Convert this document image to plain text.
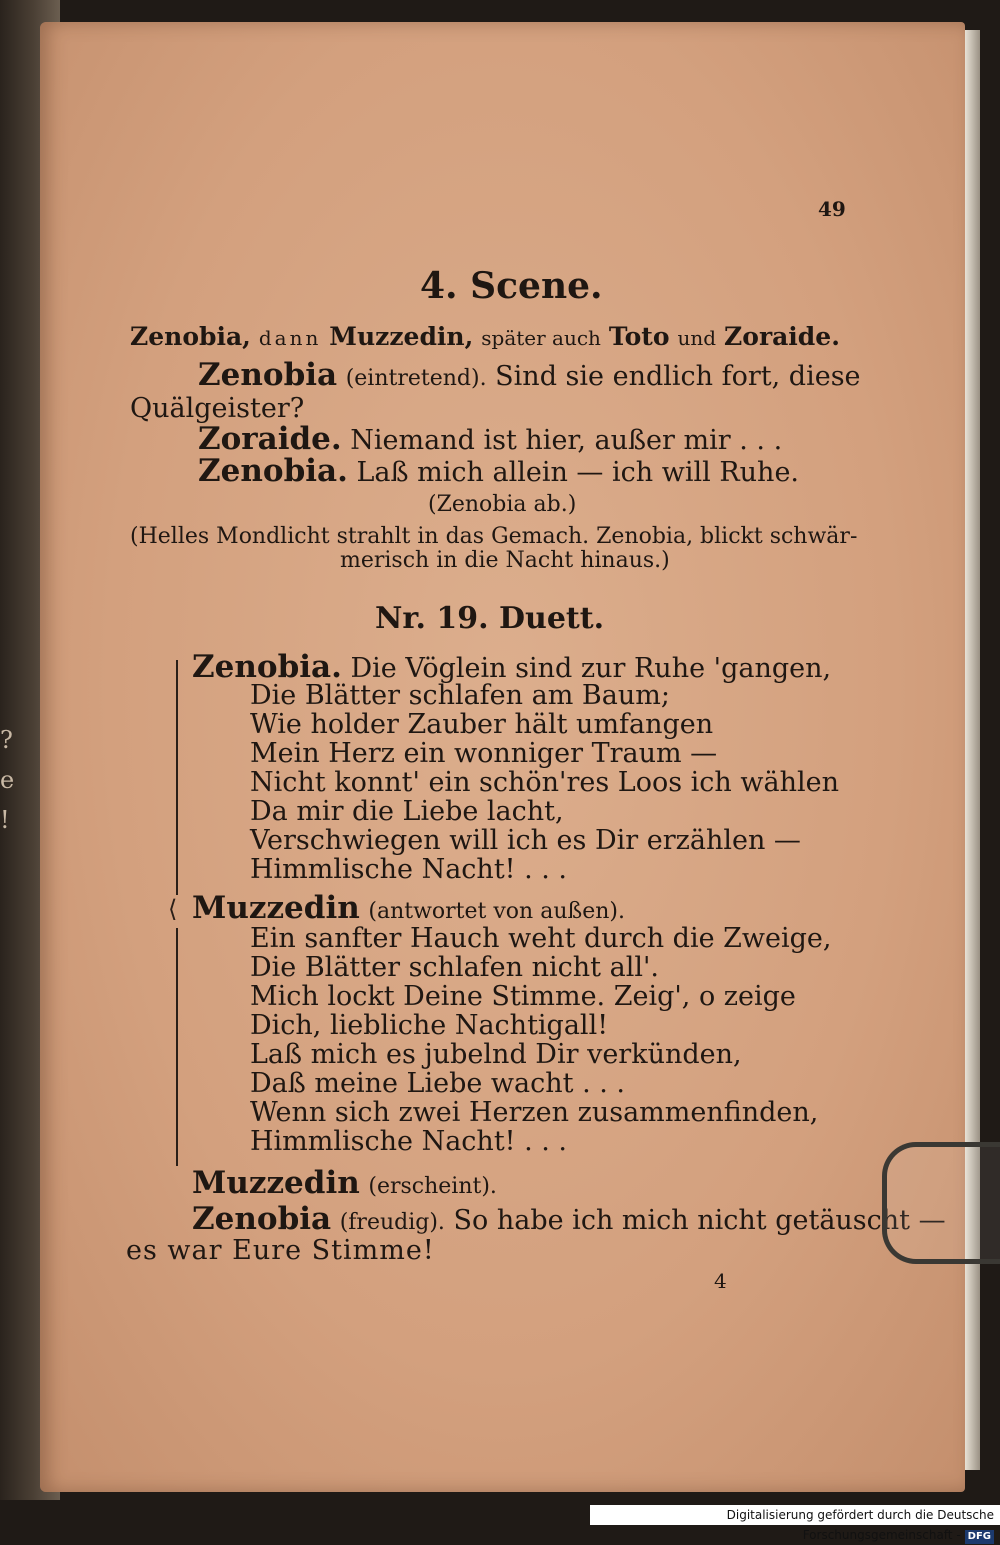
?
e
!
49
4. Scene.
Zenobia, dann Muzzedin, später auch Toto und Zoraide.
Zenobia (eintretend). Sind sie endlich fort, diese
Quälgeister?
Zoraide. Niemand ist hier, außer mir . . .
Zenobia. Laß mich allein — ich will Ruhe.
(Zenobia ab.)
(Helles Mondlicht strahlt in das Gemach. Zenobia, blickt schwär-
merisch in die Nacht hinaus.)
Nr. 19. Duett.
⟨
Zenobia. Die Vöglein sind zur Ruhe 'gangen,
Die Blätter schlafen am Baum;
Wie holder Zauber hält umfangen
Mein Herz ein wonniger Traum —
Nicht konnt' ein schön'res Loos ich wählen
Da mir die Liebe lacht,
Verschwiegen will ich es Dir erzählen —
Himmlische Nacht! . . .
Muzzedin (antwortet von außen).
Ein sanfter Hauch weht durch die Zweige,
Die Blätter schlafen nicht all'.
Mich lockt Deine Stimme. Zeig', o zeige
Dich, liebliche Nachtigall!
Laß mich es jubelnd Dir verkünden,
Daß meine Liebe wacht . . .
Wenn sich zwei Herzen zusammenfinden,
Himmlische Nacht! . . .
Muzzedin (erscheint).
Zenobia (freudig). So habe ich mich nicht getäuscht —
es war Eure Stimme!
4
Digitalisierung gefördert durch die Deutsche Forschungsgemeinschaft - DFG
